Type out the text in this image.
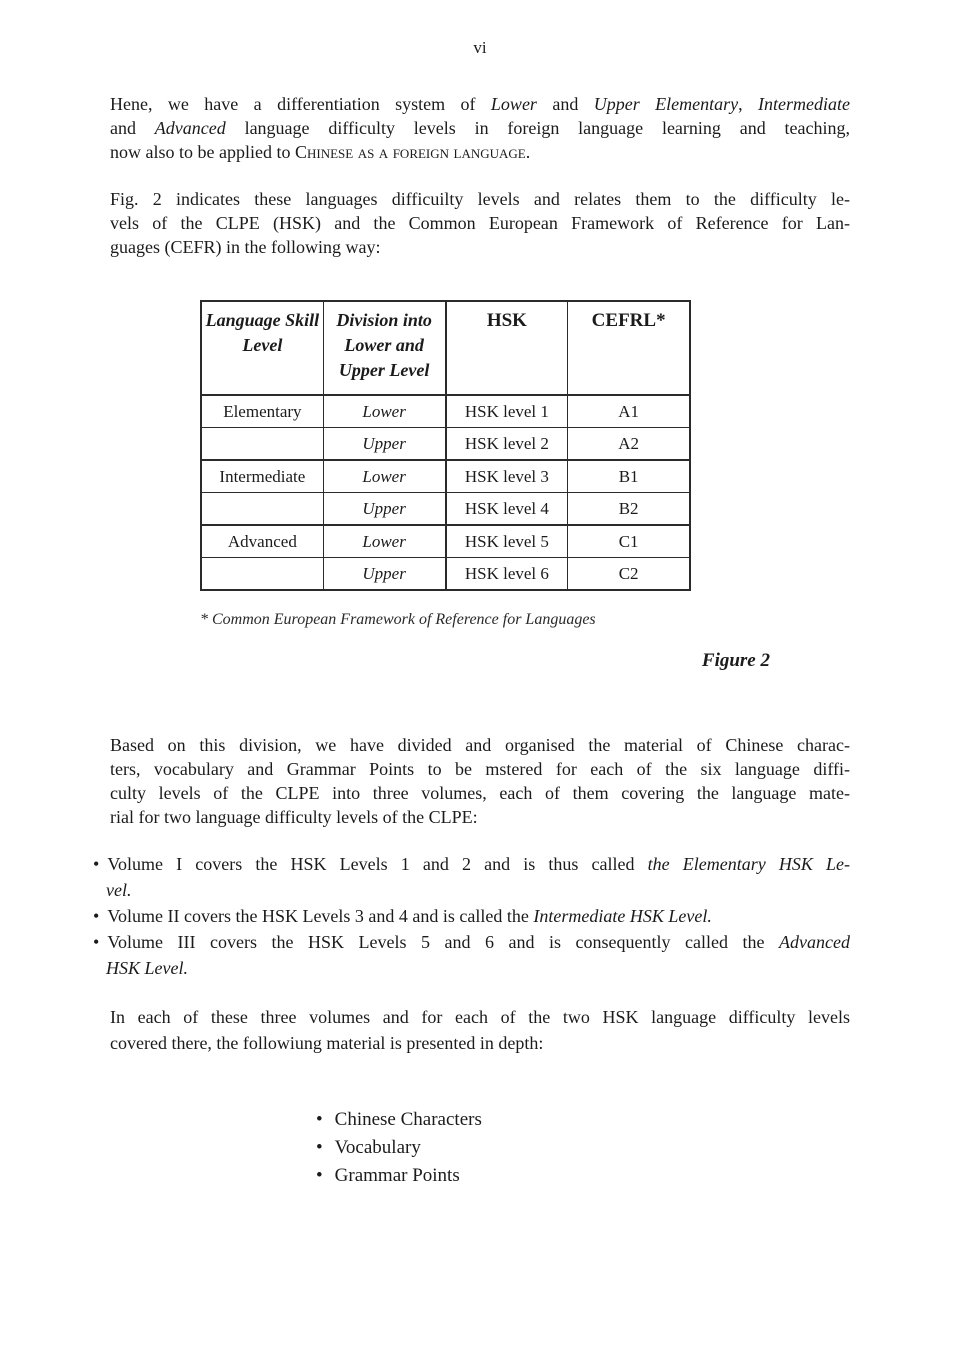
vi
Hene, we have a differentiation system of Lower and Upper Elementary, Intermediate
and Advanced language difficulty levels in foreign language learning and teaching,
now also to be applied to Chinese as a foreign language.
Fig. 2 indicates these languages difficuilty levels and relates them to the difficulty le-
vels of the CLPE (HSK) and the Common European Framework of Reference for Lan-
guages (CEFR) in the following way:
Language Skill Level	Division into Lower and Upper Level	HSK	CEFRL*
Elementary	Lower	HSK level 1	A1
	Upper	HSK level 2	A2
Intermediate	Lower	HSK level 3	B1
	Upper	HSK level 4	B2
Advanced	Lower	HSK level 5	C1
	Upper	HSK level 6	C2
* Common European Framework of Reference for Languages
Figure 2
Based on this division, we have divided and organised the material of Chinese charac-
ters, vocabulary and Grammar Points to be mstered for each of the six language diffi-
culty levels of the CLPE into three volumes, each of them covering the language mate-
rial for two language difficulty levels of the CLPE:
• Volume I covers the HSK Levels 1 and 2 and is thus called the Elementary HSK Le-
vel.
• Volume II covers the HSK Levels 3 and 4 and is called the Intermediate HSK Level.
• Volume III covers the HSK Levels 5 and 6 and is consequently called the Advanced
HSK Level.
In each of these three volumes and for each of the two HSK language difficulty levels
covered there, the followiung material is presented in depth:
• Chinese Characters
• Vocabulary
• Grammar Points
